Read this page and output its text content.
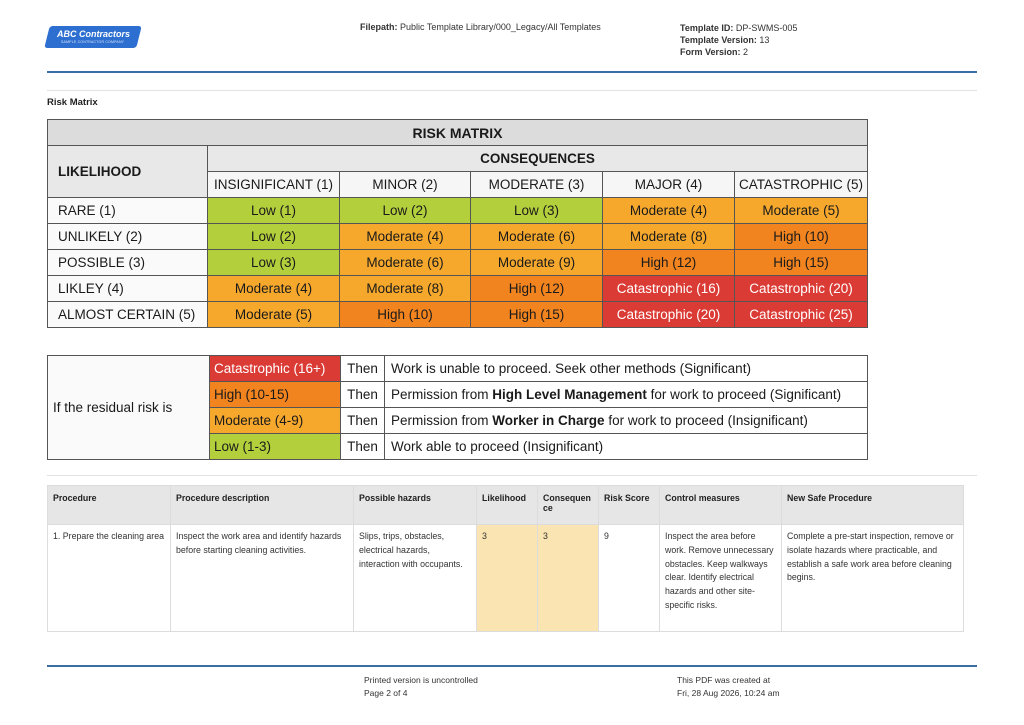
ABC Contractors
SAMPLE CONTRACTOR COMPANY
Filepath: Public Template Library/000_Legacy/All Templates	Template ID: DP-SWMS-005
Template Version: 13
Form Version: 2
Risk Matrix
RISK MATRIX					
LIKELIHOOD	CONSEQUENCES				
	INSIGNIFICANT (1)	MINOR (2)	MODERATE (3)	MAJOR (4)	CATASTROPHIC (5)
RARE (1)	Low (1)	Low (2)	Low (3)	Moderate (4)	Moderate (5)
UNLIKELY (2)	Low (2)	Moderate (4)	Moderate (6)	Moderate (8)	High (10)
POSSIBLE (3)	Low (3)	Moderate (6)	Moderate (9)	High (12)	High (15)
LIKLEY (4)	Moderate (4)	Moderate (8)	High (12)	Catastrophic (16)	Catastrophic (20)
ALMOST CERTAIN (5)	Moderate (5)	High (10)	High (15)	Catastrophic (20)	Catastrophic (25)
If the residual risk is	Catastrophic (16+)	Then	Work is unable to proceed. Seek other methods (Significant)
	High (10-15)	Then	Permission from High Level Management for work to proceed (Significant)
	Moderate (4-9)	Then	Permission from Worker in Charge for work to proceed (Insignificant)
	Low (1-3)	Then	Work able to proceed (Insignificant)
Procedure	Procedure description	Possible hazards	Likelihood	Consequen ce	Risk Score	Control measures	New Safe Procedure
1. Prepare the cleaning area	Inspect the work area and identify hazards before starting cleaning activities.	Slips, trips, obstacles, electrical hazards, interaction with occupants.	3	3	9	Inspect the area before work. Remove unnecessary obstacles. Keep walkways clear. Identify electrical hazards and other site-specific risks.	Complete a pre-start inspection, remove or isolate hazards where practicable, and establish a safe work area before cleaning begins.
Printed version is uncontrolled
Page 2 of 4
This PDF was created at
Fri, 28 Aug 2026, 10:24 am
